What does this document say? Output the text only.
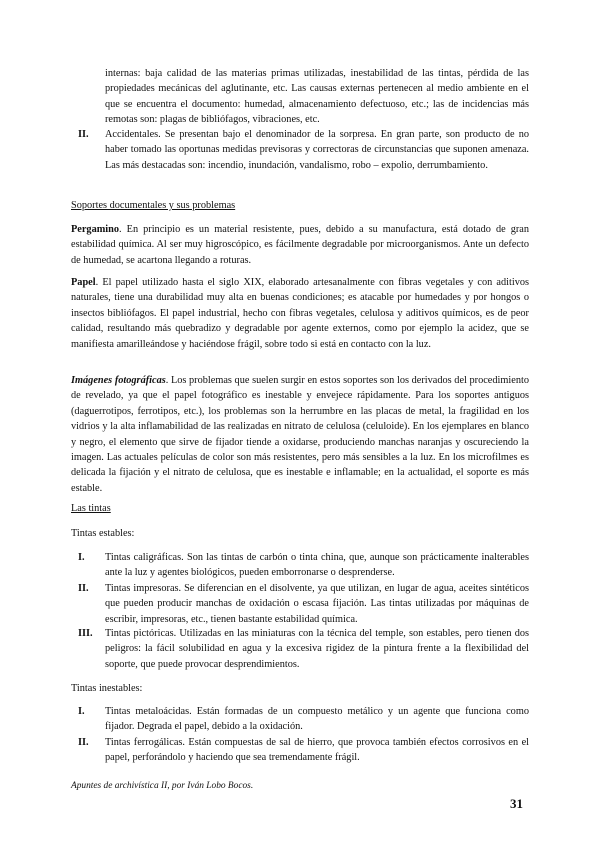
internas: baja calidad de las materias primas utilizadas, inestabilidad de las tintas, pérdida de las propiedades mecánicas del aglutinante, etc. Las causas externas pertenecen al medio ambiente en el que se encuentra el documento: humedad, almacenamiento defectuoso, etc.; las de incidencias más remotas son: plagas de bibliófagos, vibraciones, etc.
II. Accidentales. Se presentan bajo el denominador de la sorpresa. En gran parte, son producto de no haber tomado las oportunas medidas previsoras y correctoras de circunstancias que suponen amenaza. Las más destacadas son: incendio, inundación, vandalismo, robo – expolio, derrumbamiento.
Soportes documentales y sus problemas
Pergamino. En principio es un material resistente, pues, debido a su manufactura, está dotado de gran estabilidad química. Al ser muy higroscópico, es fácilmente degradable por microorganismos. Ante un defecto de humedad, se acartona llegando a roturas.
Papel. El papel utilizado hasta el siglo XIX, elaborado artesanalmente con fibras vegetales y con aditivos naturales, tiene una durabilidad muy alta en buenas condiciones; es atacable por humedades y por hongos o insectos bibliófagos. El papel industrial, hecho con fibras vegetales, celulosa y aditivos químicos, es de peor calidad, resultando más quebradizo y degradable por agente externos, como por ejemplo la acidez, que se manifiesta amarilleándose y haciéndose frágil, sobre todo si está en contacto con la luz.
Imágenes fotográficas. Los problemas que suelen surgir en estos soportes son los derivados del procedimiento de revelado, ya que el papel fotográfico es inestable y envejece rápidamente. Para los soportes antiguos (daguerrotipos, ferrotipos, etc.), los problemas son la herrumbre en las placas de metal, la fragilidad en los vidrios y la alta inflamabilidad de las realizadas en nitrato de celulosa (celuloide). En los ejemplares en blanco y negro, el elemento que sirve de fijador tiende a oxidarse, produciendo manchas naranjas y oscureciendo la imagen. Las actuales películas de color son más resistentes, pero más sensibles a la luz. En los microfilmes es delicada la fijación y el nitrato de celulosa, que es inestable e inflamable; en la actualidad, el soporte es más estable.
Las tintas
Tintas estables:
I. Tintas caligráficas. Son las tintas de carbón o tinta china, que, aunque son prácticamente inalterables ante la luz y agentes biológicos, pueden emborronarse o desprenderse.
II. Tintas impresoras. Se diferencian en el disolvente, ya que utilizan, en lugar de agua, aceites sintéticos que pueden producir manchas de oxidación o escasa fijación. Las tintas utilizadas por máquinas de escribir, impresoras, etc., tienen bastante estabilidad química.
III. Tintas pictóricas. Utilizadas en las miniaturas con la técnica del temple, son estables, pero tienen dos peligros: la fácil solubilidad en agua y la excesiva rigidez de la pintura frente a la flexibilidad del soporte, que puede provocar desprendimientos.
Tintas inestables:
I. Tintas metaloácidas. Están formadas de un compuesto metálico y un agente que funciona como fijador. Degrada el papel, debido a la oxidación.
II. Tintas ferrogálicas. Están compuestas de sal de hierro, que provoca también efectos corrosivos en el papel, perforándolo y haciendo que sea tremendamente frágil.
Apuntes de archivística II, por Iván Lobo Bocos.
31
